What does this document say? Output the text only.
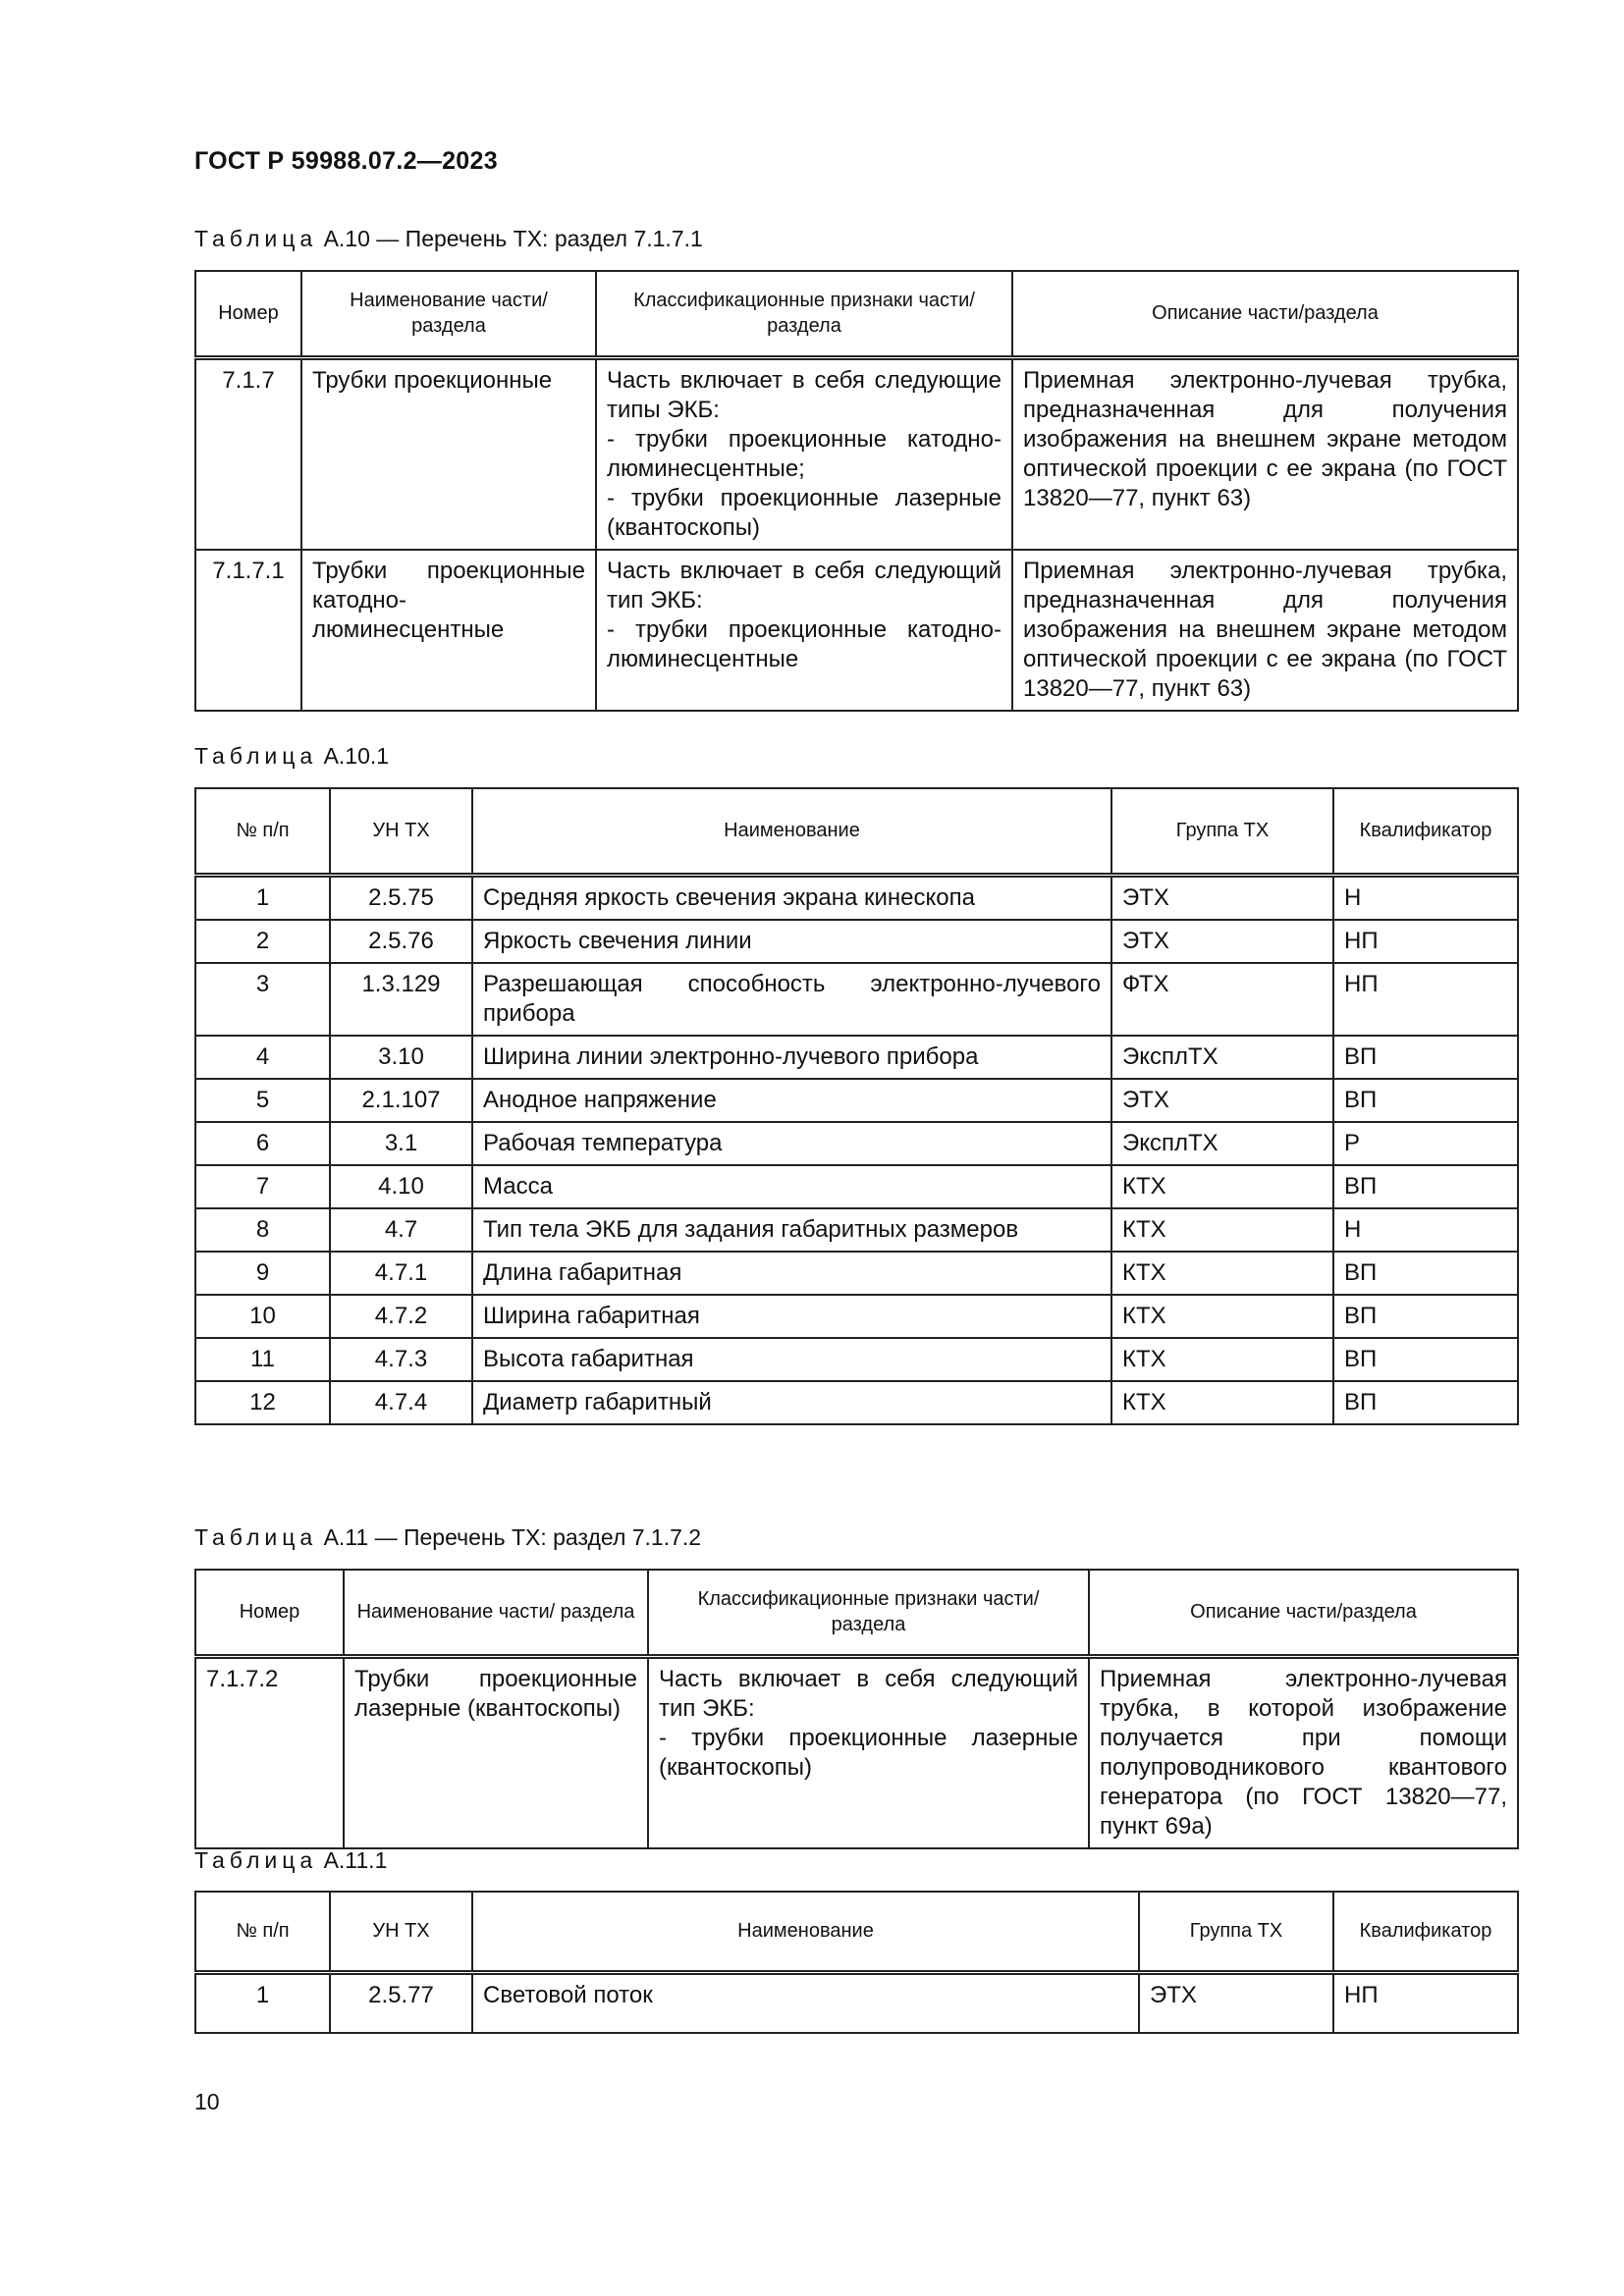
ГОСТ Р 59988.07.2—2023
Таблица А.10 — Перечень ТХ: раздел 7.1.7.1
Номер	Наименование части/ раздела	Классификационные признаки части/ раздела	Описание части/раздела
7.1.7	Трубки проекционные	Часть включает в себя следующие типы ЭКБ:
- трубки проекционные катодно-люминесцентные;
- трубки проекционные лазерные (квантоскопы)	Приемная электронно-лучевая трубка, предназначенная для получения изображения на внешнем экране методом оптической проекции с ее экрана (по ГОСТ 13820—77, пункт 63)
7.1.7.1	Трубки проекционные катодно-люминесцентные	Часть включает в себя следующий тип ЭКБ:
- трубки проекционные катодно-люминесцентные	Приемная электронно-лучевая трубка, предназначенная для получения изображения на внешнем экране методом оптической проекции с ее экрана (по ГОСТ 13820—77, пункт 63)
Таблица А.10.1
№ п/п	УН ТХ	Наименование	Группа ТХ	Квалификатор
1	2.5.75	Средняя яркость свечения экрана кинескопа	ЭТХ	Н
2	2.5.76	Яркость свечения линии	ЭТХ	НП
3	1.3.129	Разрешающая способность электронно-лучевого прибора	ФТХ	НП
4	3.10	Ширина линии электронно-лучевого прибора	ЭксплТХ	ВП
5	2.1.107	Анодное напряжение	ЭТХ	ВП
6	3.1	Рабочая температура	ЭксплТХ	Р
7	4.10	Масса	КТХ	ВП
8	4.7	Тип тела ЭКБ для задания габаритных размеров	КТХ	Н
9	4.7.1	Длина габаритная	КТХ	ВП
10	4.7.2	Ширина габаритная	КТХ	ВП
11	4.7.3	Высота габаритная	КТХ	ВП
12	4.7.4	Диаметр габаритный	КТХ	ВП
Таблица А.11 — Перечень ТХ: раздел 7.1.7.2
Номер	Наименование части/ раздела	Классификационные признаки части/ раздела	Описание части/раздела
7.1.7.2	Трубки проекционные лазерные (квантоскопы)	Часть включает в себя следующий тип ЭКБ:
- трубки проекционные лазерные (квантоскопы)	Приемная электронно-лучевая трубка, в которой изображение получается при помощи полупроводникового квантового генератора (по ГОСТ 13820—77, пункт 69а)
Таблица А.11.1
№ п/п	УН ТХ	Наименование	Группа ТХ	Квалификатор
1	2.5.77	Световой поток	ЭТХ	НП
10
